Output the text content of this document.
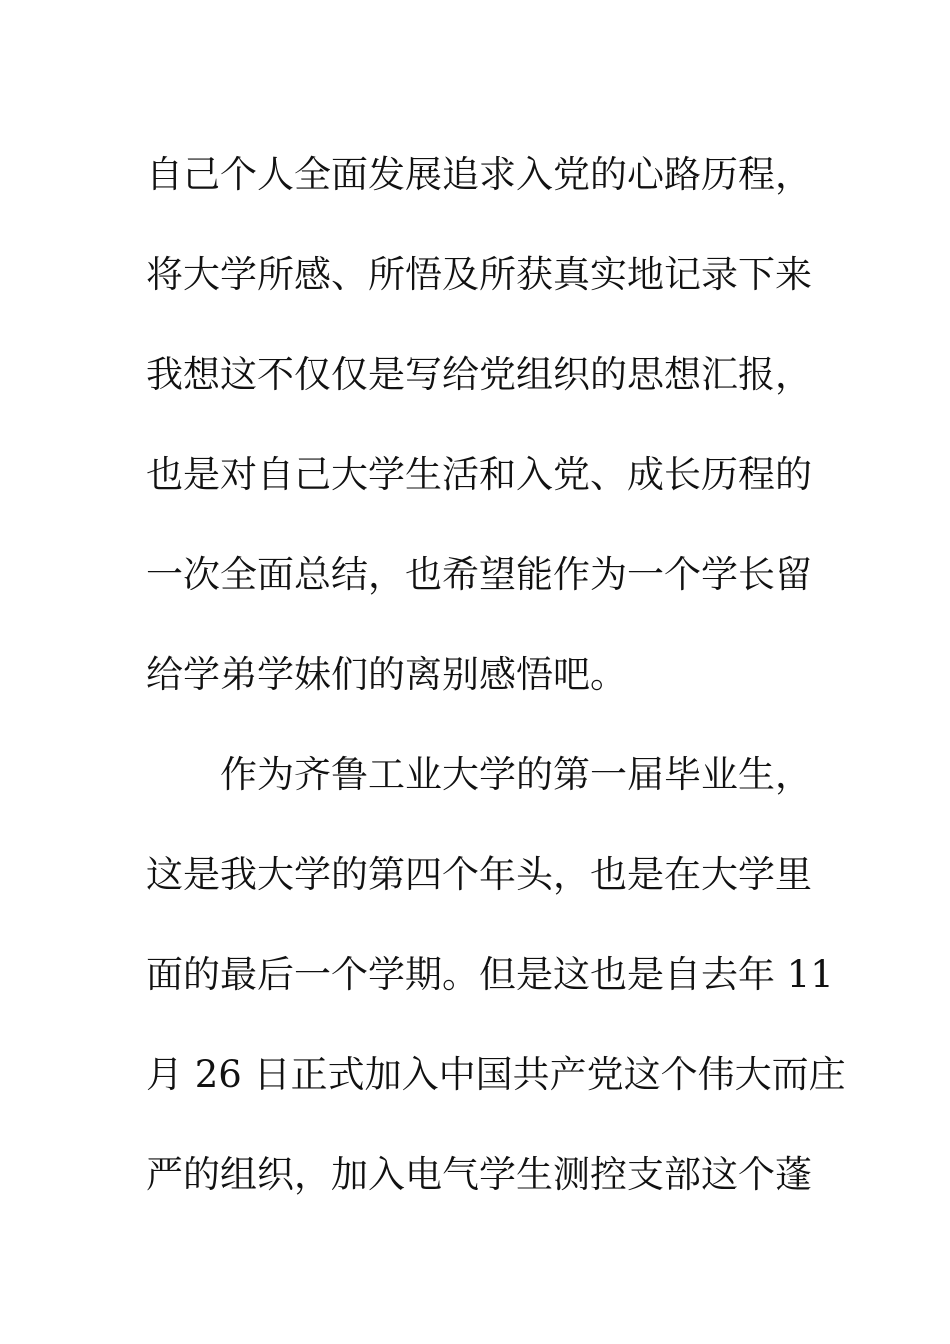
自己个人全面发展追求入党的心路历程，
将大学所感、所悟及所获真实地记录下来
我想这不仅仅是写给党组织的思想汇报，
也是对自己大学生活和入党、成长历程的
一次全面总结，也希望能作为一个学长留
给学弟学妹们的离别感悟吧。
作为齐鲁工业大学的第一届毕业生，
这是我大学的第四个年头，也是在大学里
面的最后一个学期。但是这也是自去年 11
月 26 日正式加入中国共产党这个伟大而庄
严的组织，加入电气学生测控支部这个蓬
